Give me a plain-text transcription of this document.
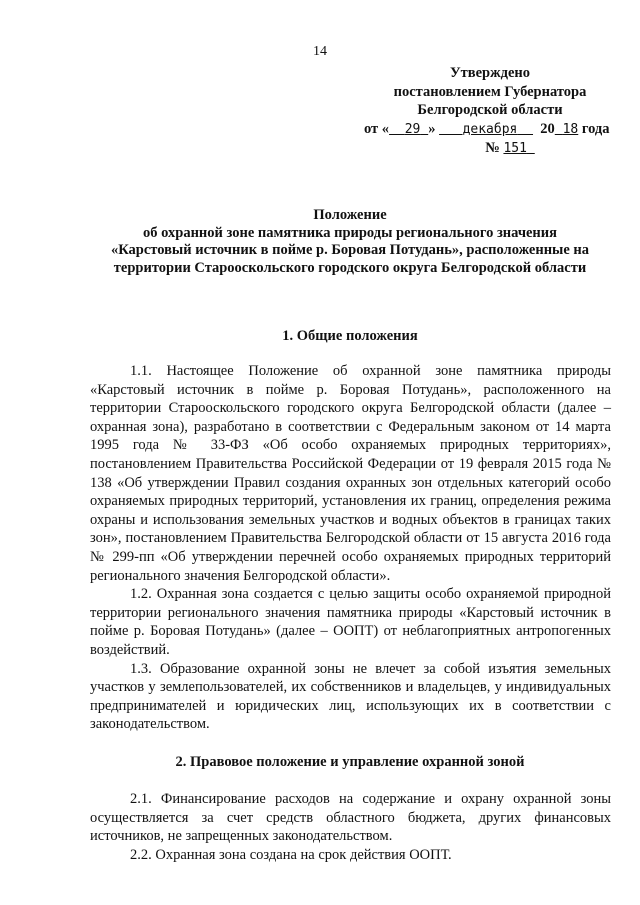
14
Утверждено
постановлением Губернатора
Белгородской области
от « 29 » декабря 20 18 года
№ 151
Положение
об охранной зоне памятника природы регионального значения
«Карстовый источник в пойме р. Боровая Потудань», расположенные на
территории Старооскольского городского округа Белгородской области
1. Общие положения

1.1. Настоящее Положение об охранной зоне памятника природы «Карстовый источник в пойме р. Боровая Потудань», расположенного на территории Старооскольского городского округа Белгородской области (далее – охранная зона), разработано в соответствии с Федеральным законом от 14 марта 1995 года № 33-ФЗ «Об особо охраняемых природных территориях», постановлением Правительства Российской Федерации от 19 февраля 2015 года № 138 «Об утверждении Правил создания охранных зон отдельных категорий особо охраняемых природных территорий, установления их границ, определения режима охраны и использования земельных участков и водных объектов в границах таких зон», постановлением Правительства Белгородской области от 15 августа 2016 года № 299-пп «Об утверждении перечней особо охраняемых природных территорий регионального значения Белгородской области».

1.2. Охранная зона создается с целью защиты особо охраняемой природной территории регионального значения памятника природы «Карстовый источник в пойме р. Боровая Потудань» (далее – ООПТ) от неблагоприятных антропогенных воздействий.

1.3. Образование охранной зоны не влечет за собой изъятия земельных участков у землепользователей, их собственников и владельцев, у индивидуальных предпринимателей и юридических лиц, использующих их в соответствии с законодательством.

2. Правовое положение и управление охранной зоной

2.1. Финансирование расходов на содержание и охрану охранной зоны осуществляется за счет средств областного бюджета, других финансовых источников, не запрещенных законодательством.

2.2. Охранная зона создана на срок действия ООПТ.
